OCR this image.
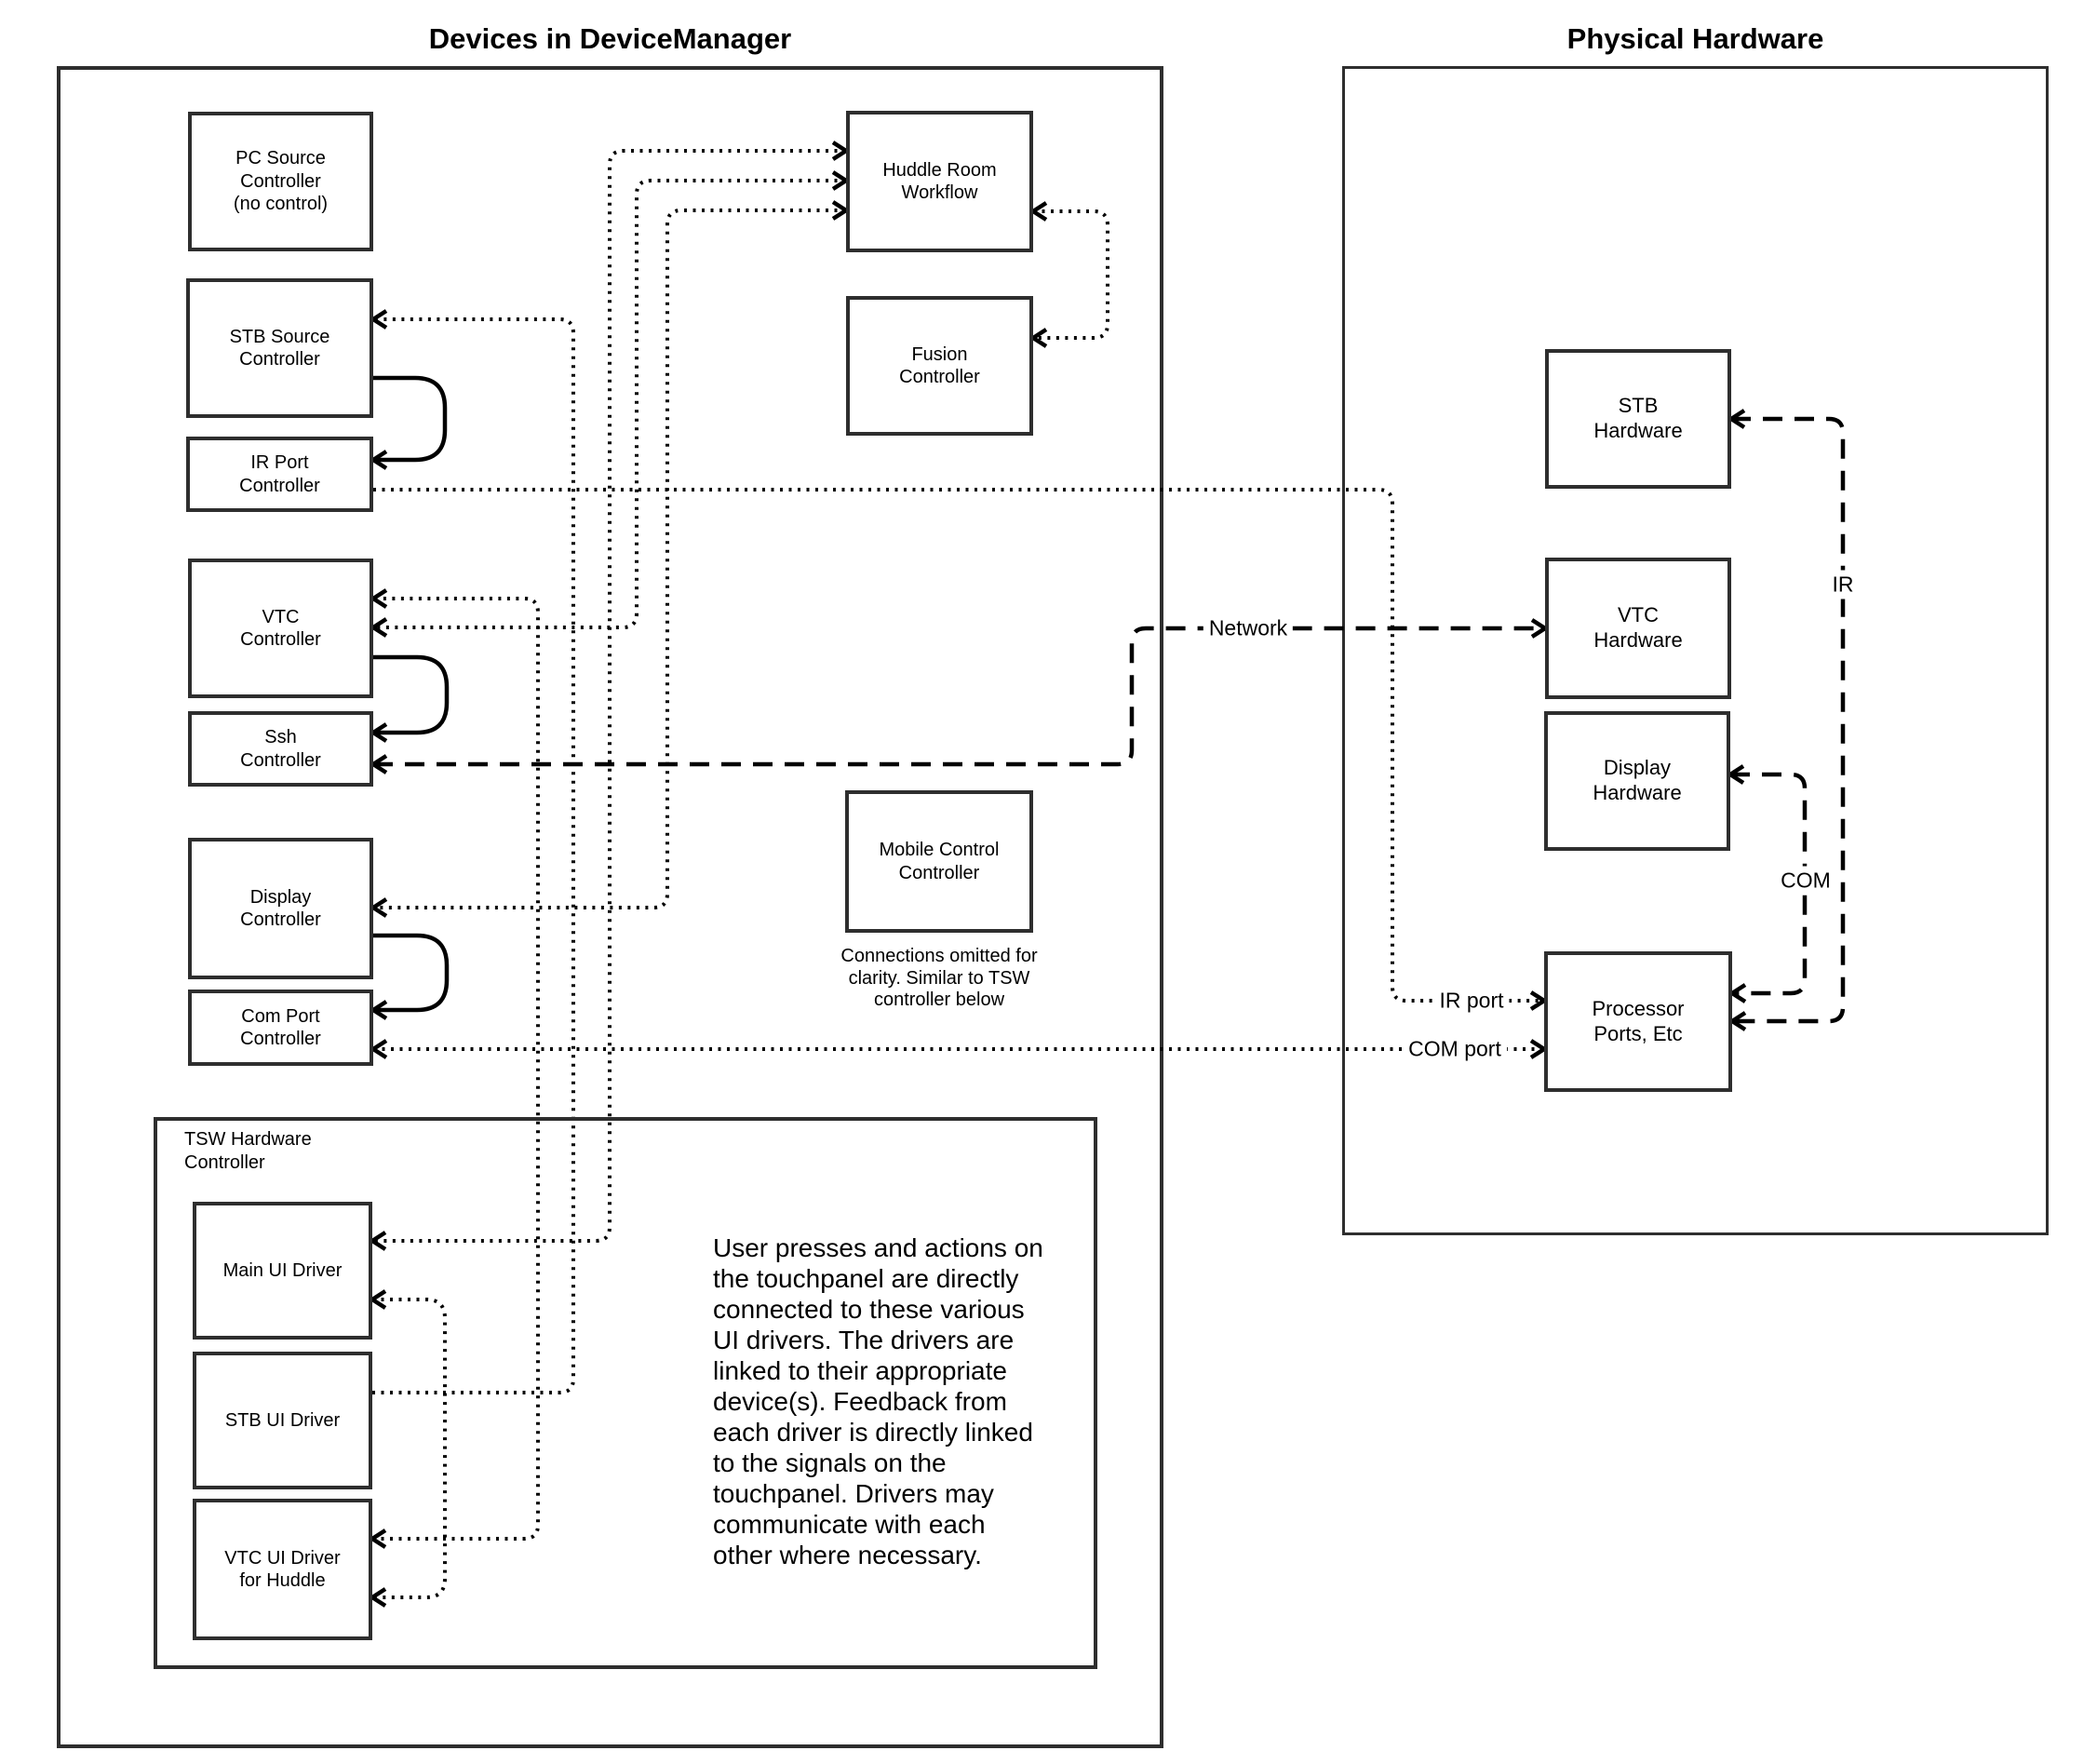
Network
IR
COM
IR port
COM port
Devices in DeviceManager	Physical Hardware
TSW Hardware
Controller
PC Source
Controller
(no control)
STB Source
Controller
IR Port
Controller
VTC
Controller
Ssh
Controller
Display
Controller
Com Port
Controller
Huddle Room
Workflow
Fusion
Controller
Mobile Control
Controller
Connections omitted for
clarity. Similar to TSW
controller below
Main UI Driver
STB UI Driver
VTC UI Driver
for Huddle
User presses and actions on
the touchpanel are directly
connected to these various
UI drivers. The drivers are
linked to their appropriate
device(s). Feedback from
each driver is directly linked
to the signals on the
touchpanel. Drivers may
communicate with each
other where necessary.
STB
Hardware
VTC
Hardware
Display
Hardware
Processor
Ports, Etc
